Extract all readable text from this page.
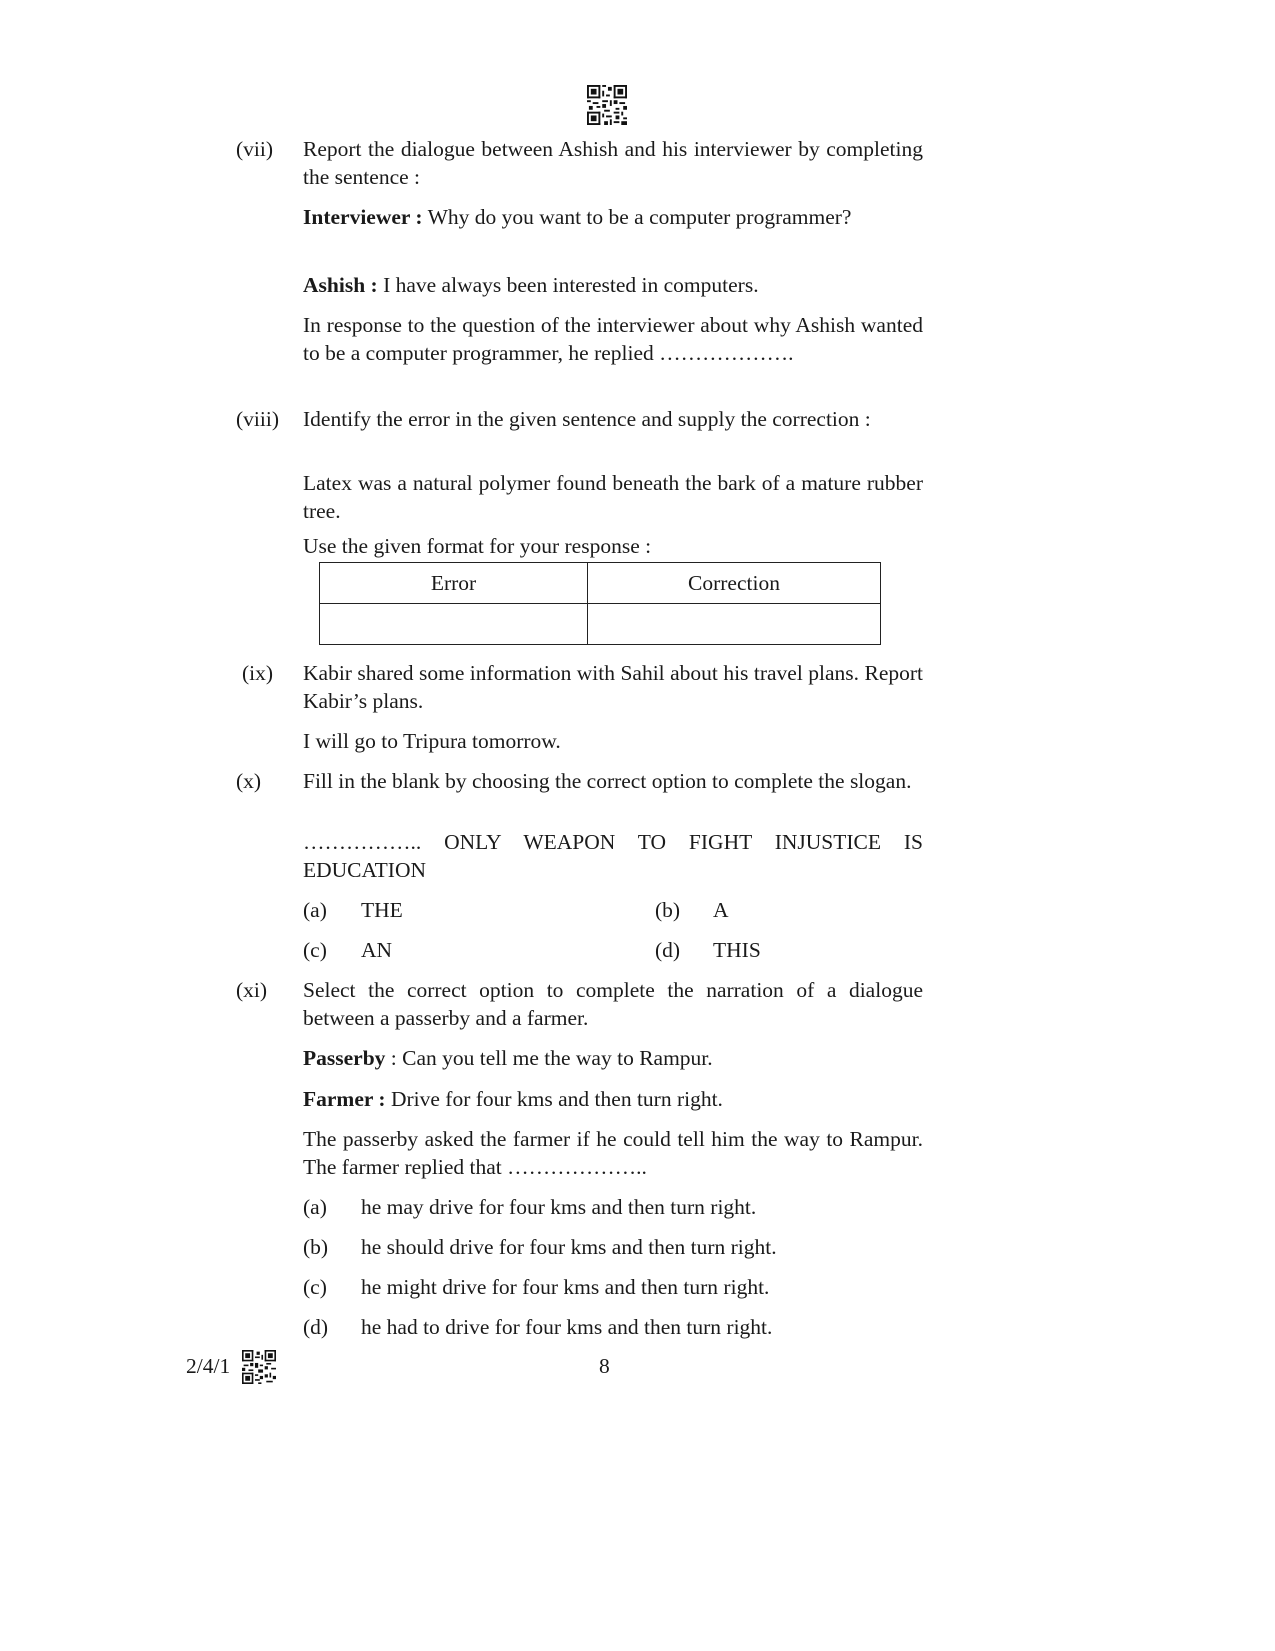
(vii) Report the dialogue between Ashish and his interviewer by completing the sentence :
Interviewer : Why do you want to be a computer programmer?
Ashish : I have always been interested in computers.
In response to the question of the interviewer about why Ashish wanted to be a computer programmer, he replied ……………….
(viii) Identify the error in the given sentence and supply the correction :
Latex was a natural polymer found beneath the bark of a mature rubber tree.
Use the given format for your response :
Error	Correction

(ix) Kabir shared some information with Sahil about his travel plans. Report Kabir’s plans.
I will go to Tripura tomorrow.
(x) Fill in the blank by choosing the correct option to complete the slogan.
…………….. ONLY WEAPON TO FIGHT INJUSTICE IS EDUCATION
(a) THE	(b) A
(c) AN	(d) THIS
(xi) Select the correct option to complete the narration of a dialogue between a passerby and a farmer.
Passerby : Can you tell me the way to Rampur.
Farmer : Drive for four kms and then turn right.
The passerby asked the farmer if he could tell him the way to Rampur. The farmer replied that ………………..
(a) he may drive for four kms and then turn right.
(b) he should drive for four kms and then turn right.
(c) he might drive for four kms and then turn right.
(d) he had to drive for four kms and then turn right.
2/4/1	8
